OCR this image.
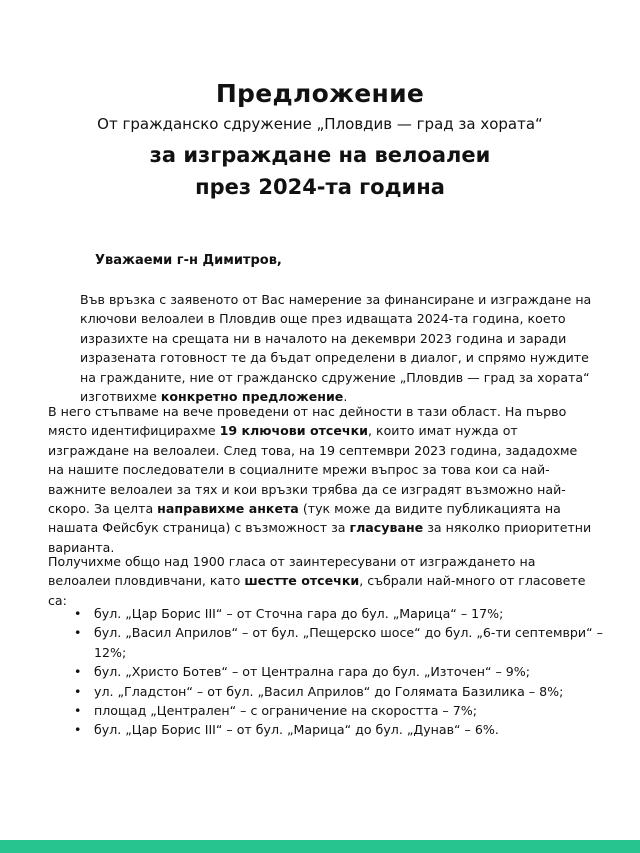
Предложение
От гражданско сдружение „Пловдив — град за хората“
за изграждане на велоалеи
през 2024-та година
Уважаеми г-н Димитров,

Във връзка с заявеното от Вас намерение за финансиране и изграждане на ключови велоалеи в Пловдив още през идващата 2024-та година, което изразихте на срещата ни в началото на декември 2023 година и заради изразената готовност те да бъдат определени в диалог, и спрямо нуждите на гражданите, ние от гражданско сдружение „Пловдив — град за хората“ изготвихме конкретно предложение.

В него стъпваме на вече проведени от нас дейности в тази област. На първо място идентифицирахме 19 ключови отсечки, които имат нужда от изграждане на велоалеи. След това, на 19 септември 2023 година, зададохме на нашите последователи в социалните мрежи въпрос за това кои са най-важните велоалеи за тях и кои връзки трябва да се изградят възможно най-скоро. За целта направихме анкета (тук може да видите публикацията на нашата Фейсбук страница) с възможност за гласуване за няколко приоритетни варианта.

Получихме общо над 1900 гласа от заинтересувани от изграждането на велоалеи пловдивчани, като шестте отсечки, събрали най-много от гласовете са:

• бул. „Цар Борис III“ – от Сточна гара до бул. „Марица“ – 17%;
• бул. „Васил Априлов“ – от бул. „Пещерско шосе“ до бул. „6-ти септември“ – 12%;
• бул. „Христо Ботев“ – от Централна гара до бул. „Източен“ – 9%;
• ул. „Гладстон“ – от бул. „Васил Априлов“ до Голямата Базилика – 8%;
• площад „Централен“ – с ограничение на скоростта – 7%;
• бул. „Цар Борис III“ – от бул. „Марица“ до бул. „Дунав“ – 6%.
